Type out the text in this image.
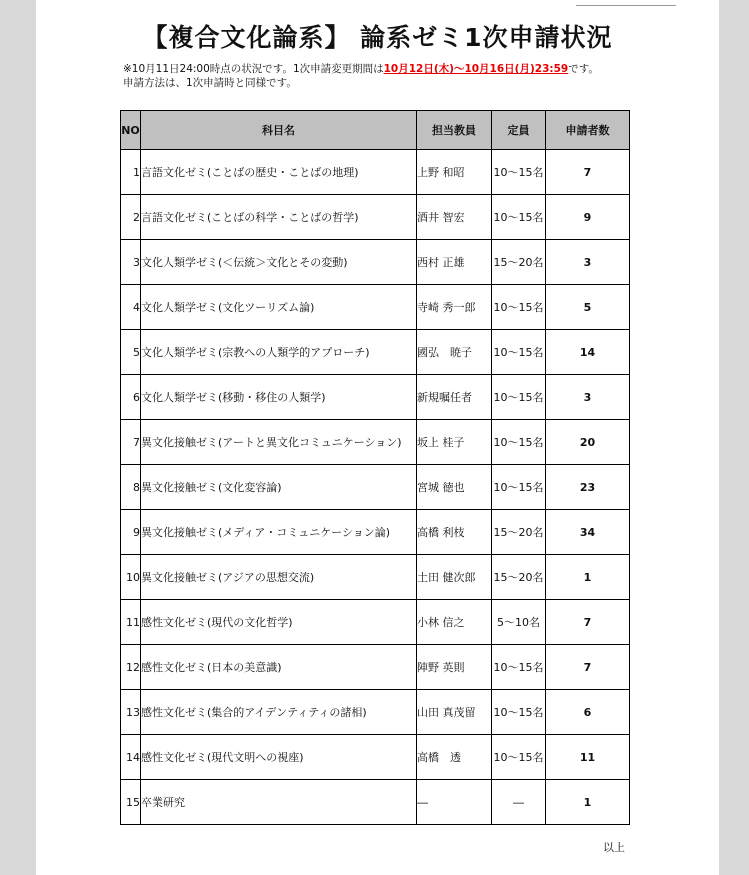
【複合文化論系】 論系ゼミ1次申請状況
※10月11日24:00時点の状況です。1次申請変更期間は10月12日(木)～10月16日(月)23:59です。
申請方法は、1次申請時と同様です。
NO	科目名	担当教員	定員	申請者数
1	言語文化ゼミ(ことばの歴史・ことばの地理)	上野 和昭	10～15名	7
2	言語文化ゼミ(ことばの科学・ことばの哲学)	酒井 智宏	10～15名	9
3	文化人類学ゼミ(＜伝統＞文化とその変動)	西村 正雄	15～20名	3
4	文化人類学ゼミ(文化ツーリズム論)	寺崎 秀一郎	10～15名	5
5	文化人類学ゼミ(宗教への人類学的アプローチ)	國弘　暁子	10～15名	14
6	文化人類学ゼミ(移動・移住の人類学)	新規嘱任者	10～15名	3
7	異文化接触ゼミ(アートと異文化コミュニケーション)	坂上 桂子	10～15名	20
8	異文化接触ゼミ(文化変容論)	宮城 徳也	10～15名	23
9	異文化接触ゼミ(メディア・コミュニケーション論)	高橋 利枝	15～20名	34
10	異文化接触ゼミ(アジアの思想交流)	土田 健次郎	15～20名	1
11	感性文化ゼミ(現代の文化哲学)	小林 信之	5～10名	7
12	感性文化ゼミ(日本の美意識)	陣野 英則	10～15名	7
13	感性文化ゼミ(集合的アイデンティティの諸相)	山田 真茂留	10～15名	6
14	感性文化ゼミ(現代文明への視座)	高橋　透	10～15名	11
15	卒業研究	―	―	1
以上
